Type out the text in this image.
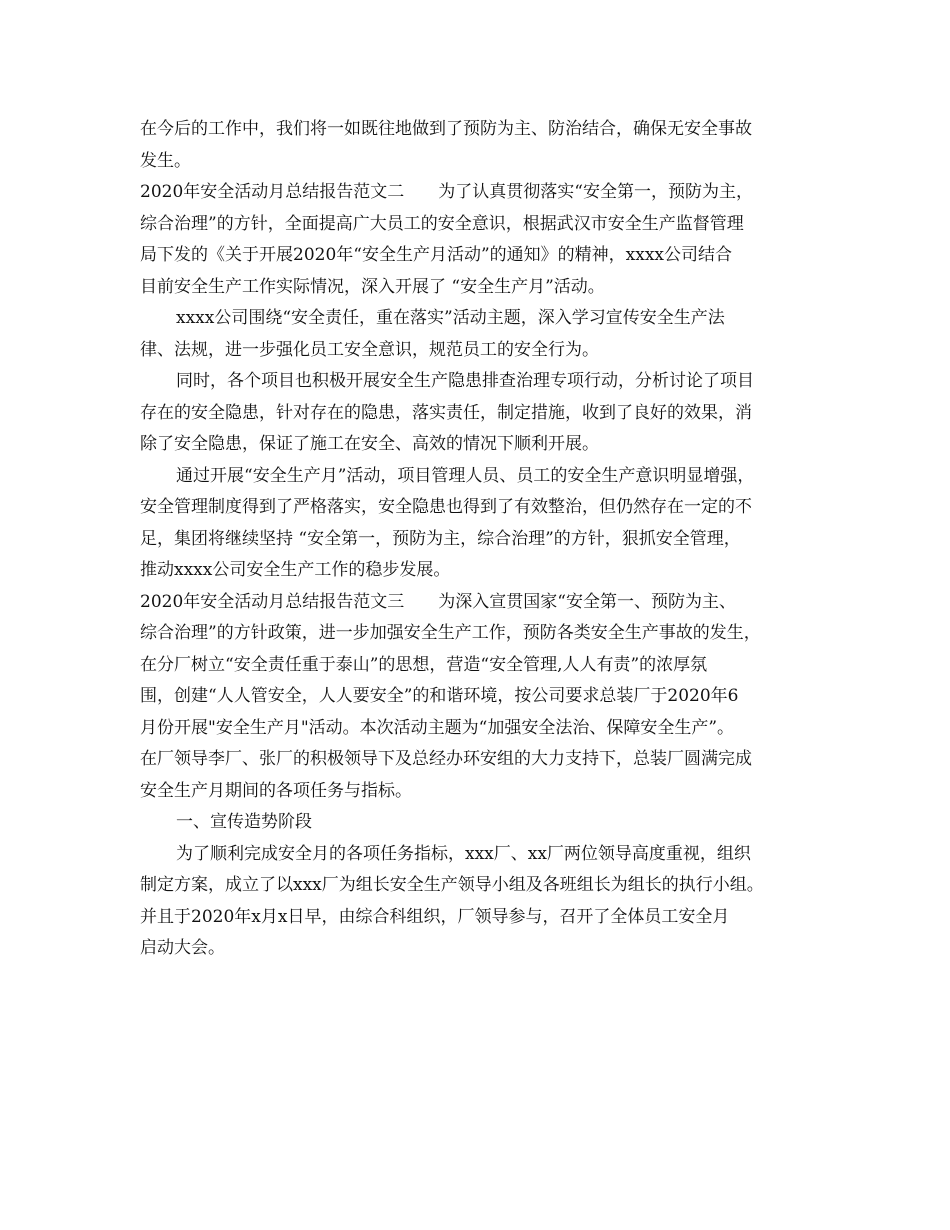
在今后的工作中，我们将一如既往地做到了预防为主、防治结合，确保无安全事故
发生。
2020年安全活动月总结报告范文二　　为了认真贯彻落实“安全第一，预防为主，
综合治理”的方针，全面提高广大员工的安全意识，根据武汉市安全生产监督管理
局下发的《关于开展2020年“安全生产月活动”的通知》的精神，xxxx公司结合
目前安全生产工作实际情况，深入开展了 “安全生产月”活动。
xxxx公司围绕“安全责任，重在落实”活动主题，深入学习宣传安全生产法
律、法规，进一步强化员工安全意识，规范员工的安全行为。
同时，各个项目也积极开展安全生产隐患排查治理专项行动，分析讨论了项目
存在的安全隐患，针对存在的隐患，落实责任，制定措施，收到了良好的效果，消
除了安全隐患，保证了施工在安全、高效的情况下顺利开展。
通过开展“安全生产月”活动，项目管理人员、员工的安全生产意识明显增强，
安全管理制度得到了严格落实，安全隐患也得到了有效整治，但仍然存在一定的不
足，集团将继续坚持 “安全第一，预防为主，综合治理”的方针，狠抓安全管理，
推动xxxx公司安全生产工作的稳步发展。
2020年安全活动月总结报告范文三　　为深入宣贯国家“安全第一、预防为主、
综合治理”的方针政策，进一步加强安全生产工作，预防各类安全生产事故的发生，
在分厂树立“安全责任重于泰山”的思想，营造“安全管理,人人有责”的浓厚氛
围，创建“人人管安全，人人要安全”的和谐环境，按公司要求总装厂于2020年6
月份开展"安全生产月"活动。本次活动主题为“加强安全法治、保障安全生产”。
在厂领导李厂、张厂的积极领导下及总经办环安组的大力支持下，总装厂圆满完成
安全生产月期间的各项任务与指标。
一、宣传造势阶段
为了顺利完成安全月的各项任务指标，xxx厂、xx厂两位领导高度重视，组织
制定方案，成立了以xxx厂为组长安全生产领导小组及各班组长为组长的执行小组。
并且于2020年x月x日早，由综合科组织，厂领导参与，召开了全体员工安全月
启动大会。
